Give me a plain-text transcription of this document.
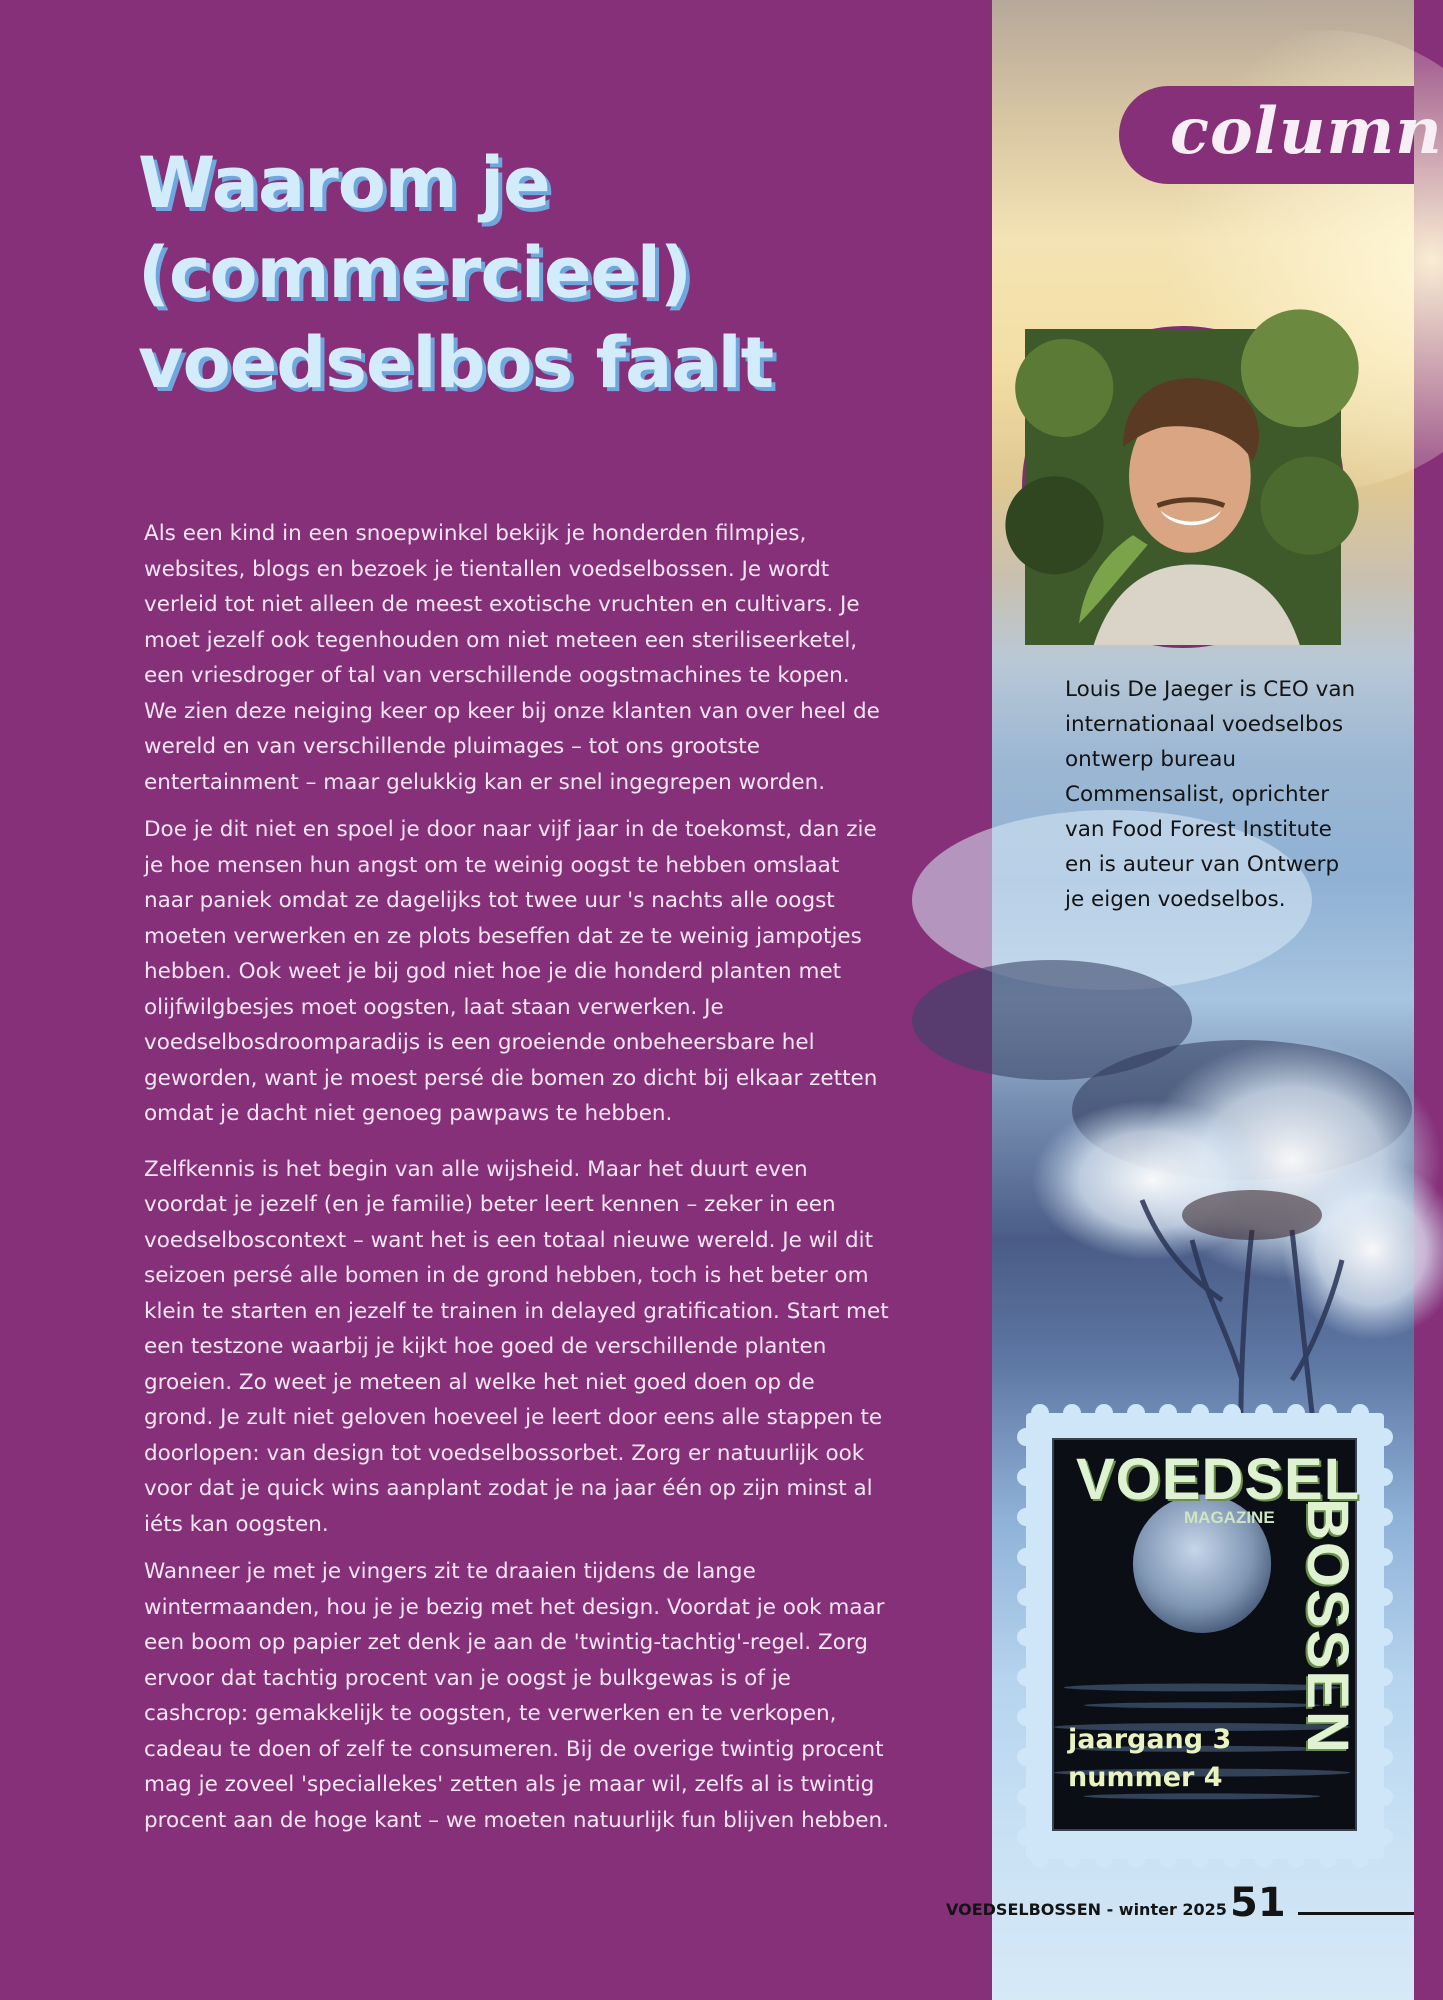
Waarom je
(commercieel)
voedselbos faalt

Als een kind in een snoepwinkel bekijk je honderden filmpjes, websites, blogs en bezoek je tientallen voedselbossen. Je wordt verleid tot niet alleen de meest exotische vruchten en cultivars. Je moet jezelf ook tegenhouden om niet meteen een steriliseerketel, een vriesdroger of tal van verschillende oogstmachines te kopen. We zien deze neiging keer op keer bij onze klanten van over heel de wereld en van verschillende pluimages – tot ons grootste entertainment – maar gelukkig kan er snel ingegrepen worden.

Doe je dit niet en spoel je door naar vijf jaar in de toekomst, dan zie je hoe mensen hun angst om te weinig oogst te hebben omslaat naar paniek omdat ze dagelijks tot twee uur 's nachts alle oogst moeten verwerken en ze plots beseffen dat ze te weinig jampotjes hebben. Ook weet je bij god niet hoe je die honderd planten met olijfwilgbesjes moet oogsten, laat staan verwerken. Je voedselbosdroomparadijs is een groeiende onbeheersbare hel geworden, want je moest persé die bomen zo dicht bij elkaar zetten omdat je dacht niet genoeg pawpaws te hebben.

Zelfkennis is het begin van alle wijsheid. Maar het duurt even voordat je jezelf (en je familie) beter leert kennen – zeker in een voedselboscontext – want het is een totaal nieuwe wereld. Je wil dit seizoen persé alle bomen in de grond hebben, toch is het beter om klein te starten en jezelf te trainen in delayed gratification. Start met een testzone waarbij je kijkt hoe goed de verschillende planten groeien. Zo weet je meteen al welke het niet goed doen op de grond. Je zult niet geloven hoeveel je leert door eens alle stappen te doorlopen: van design tot voedselbossorbet. Zorg er natuurlijk ook voor dat je quick wins aanplant zodat je na jaar één op zijn minst al iéts kan oogsten.

Wanneer je met je vingers zit te draaien tijdens de lange wintermaanden, hou je je bezig met het design. Voordat je ook maar een boom op papier zet denk je aan de 'twintig-tachtig'-regel. Zorg ervoor dat tachtig procent van je oogst je bulkgewas is of je cashcrop: gemakkelijk te oogsten, te verwerken en te verkopen, cadeau te doen of zelf te consumeren. Bij de overige twintig procent mag je zoveel 'speciallekes' zetten als je maar wil, zelfs al is twintig procent aan de hoge kant – we moeten natuurlijk fun blijven hebben.

column
Louis De Jaeger is CEO van internationaal voedselbos ontwerp bureau Commensalist, oprichter van Food Forest Institute en is auteur van Ontwerp je eigen voedselbos.
VOEDSEL
MAGAZINE BOSSEN
jaargang 3
nummer 4
VOEDSELBOSSEN - winter 2025 51
